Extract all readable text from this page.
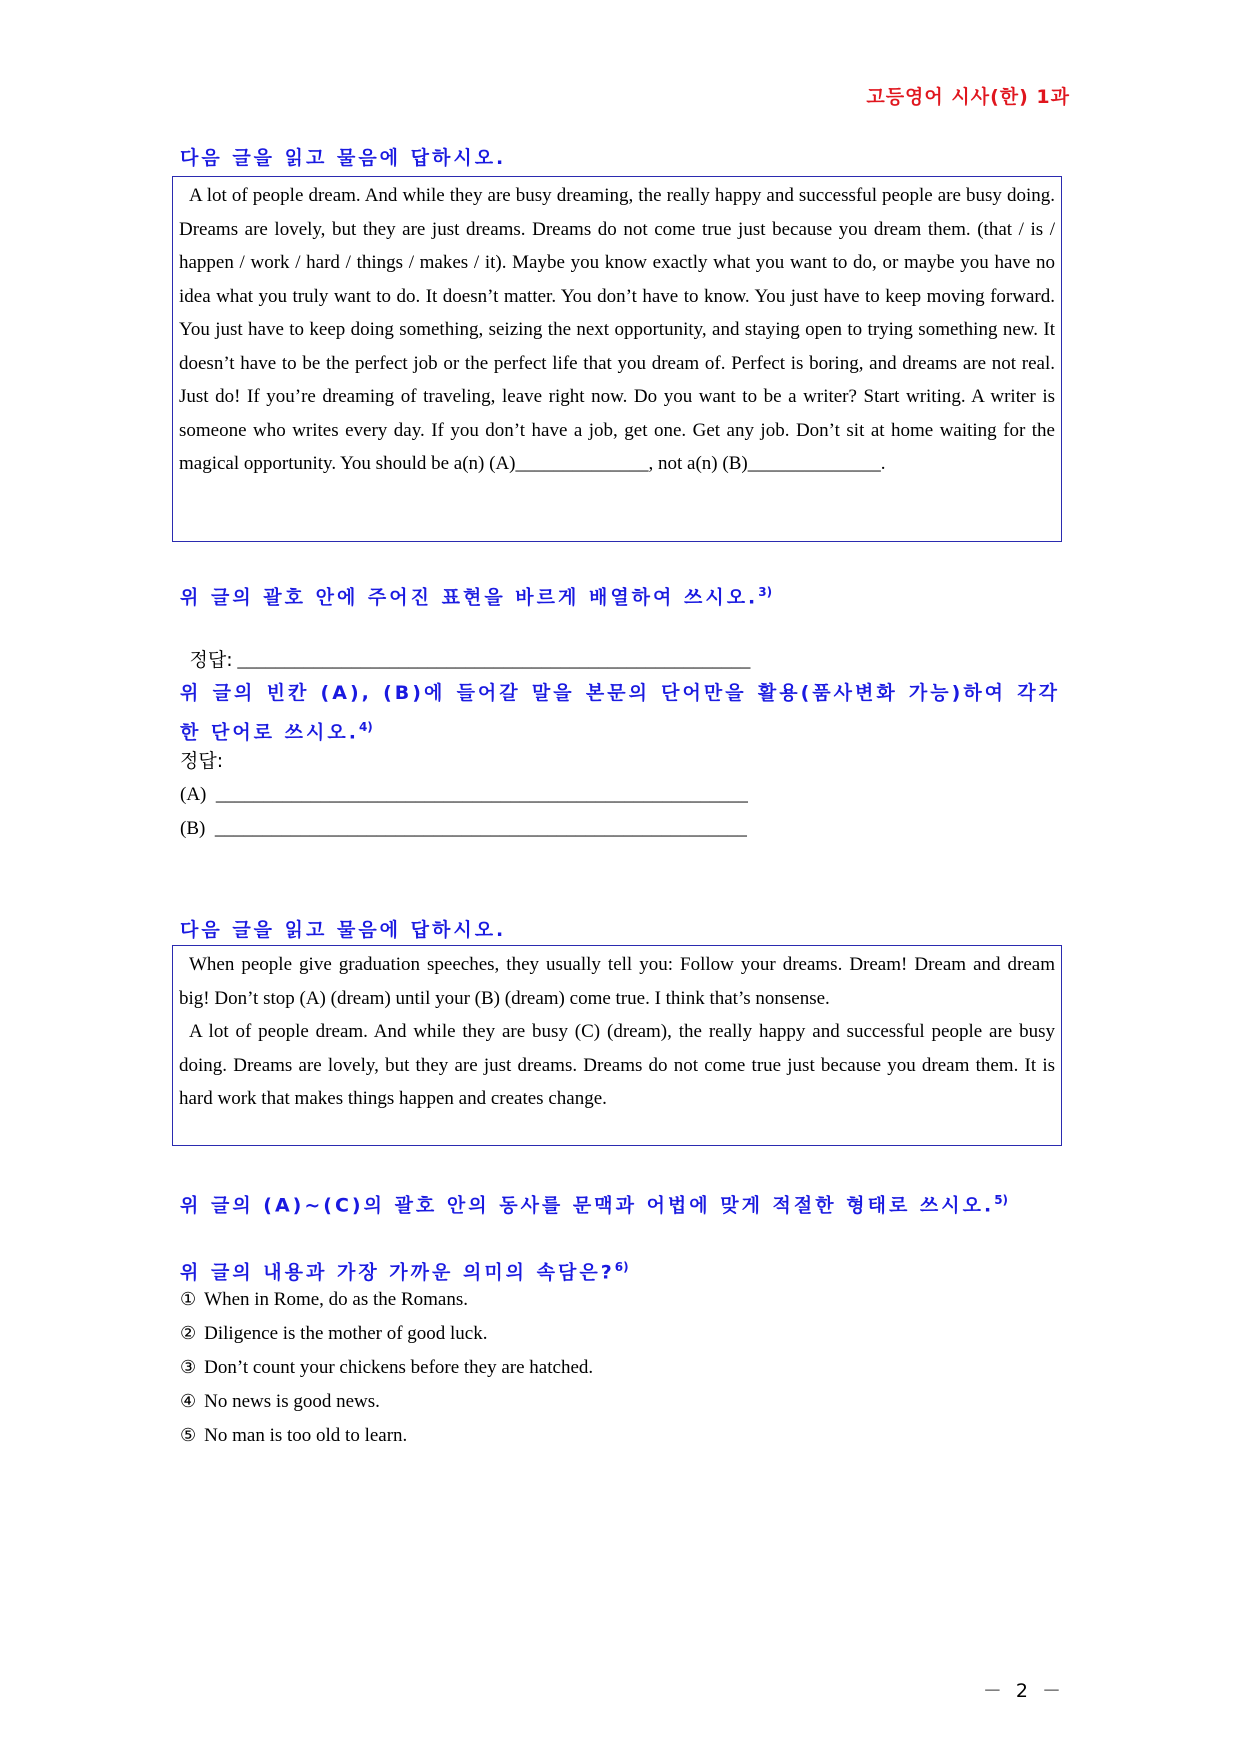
고등영어 시사(한) 1과
다음 글을 읽고 물음에 답하시오.

A lot of people dream. And while they are busy dreaming, the really happy and successful people are busy doing. Dreams are lovely, but they are just dreams. Dreams do not come true just because you dream them. (that / is / happen / work / hard / things / makes / it). Maybe you know exactly what you want to do, or maybe you have no idea what you truly want to do. It doesn’t matter. You don’t have to know. You just have to keep moving forward. You just have to keep doing something, seizing the next opportunity, and staying open to trying something new. It doesn’t have to be the perfect job or the perfect life that you dream of. Perfect is boring, and dreams are not real. Just do! If you’re dreaming of traveling, leave right now. Do you want to be a writer? Start writing. A writer is someone who writes every day. If you don’t have a job, get one. Get any job. Don’t sit at home waiting for the magical opportunity. You should be a(n) (A)______________, not a(n) (B)______________.

위 글의 괄호 안에 주어진 표현을 바르게 배열하여 쓰시오.$^{3)}$

정답: ______________________________________________________

위 글의 빈칸 (A), (B)에 들어갈 말을 본문의 단어만을 활용(품사변화 가능)하여 각각 한 단어로 쓰시오.$^{4)}$
정답:
(A)  ________________________________________________________
(B)  ________________________________________________________
다음 글을 읽고 물음에 답하시오.

When people give graduation speeches, they usually tell you: Follow your dreams. Dream! Dream and dream big! Don’t stop (A) (dream) until your (B) (dream) come true. I think that’s nonsense.

A lot of people dream. And while they are busy (C) (dream), the really happy and successful people are busy doing. Dreams are lovely, but they are just dreams. Dreams do not come true just because you dream them. It is hard work that makes things happen and creates change.

위 글의 (A)~(C)의 괄호 안의 동사를 문맥과 어법에 맞게 적절한 형태로 쓰시오.$^{5)}$
위 글의 내용과 가장 가까운 의미의 속담은?$^{6)}$
① When in Rome, do as the Romans.
② Diligence is the mother of good luck.
③ Don’t count your chickens before they are hatched.
④ No news is good news.
⑤ No man is too old to learn.
－ 2 －
